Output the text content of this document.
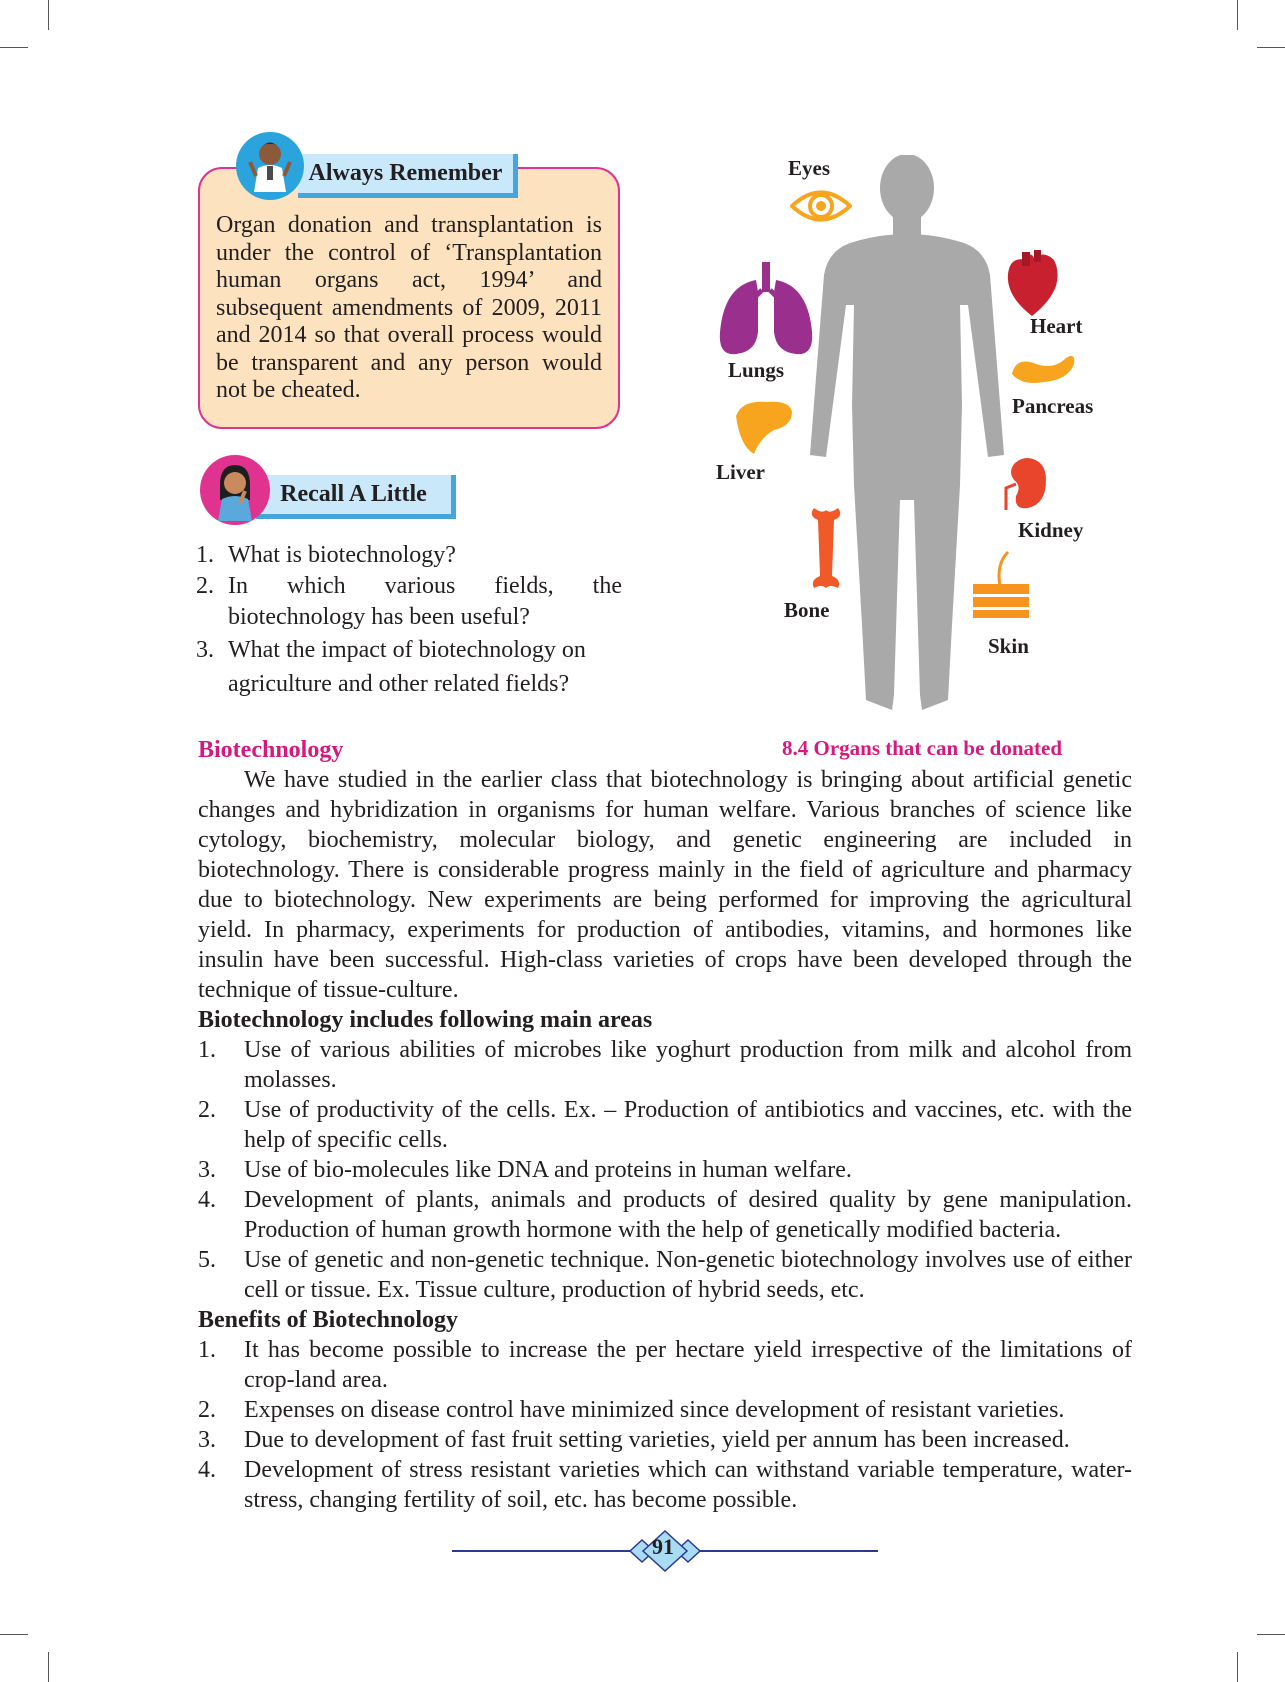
Always Remember
Organ donation and transplantation is under the control of ‘Transplantation human organs act, 1994’ and subsequent amendments of 2009, 2011 and 2014 so that overall process would be transparent and any person would not be cheated.
Recall A Little
1. What is biotechnology?
2. In which various fields, the biotechnology has been useful?
3. What the impact of biotechnology on agriculture and other related fields?
Eyes
Heart
Lungs
Pancreas
Liver
Kidney
Bone
Skin
8.4 Organs that can be donated
Biotechnology
We have studied in the earlier class that biotechnology is bringing about artificial genetic changes and hybridization in organisms for human welfare. Various branches of science like cytology, biochemistry, molecular biology, and genetic engineering are included in biotechnology. There is considerable progress mainly in the field of agriculture and pharmacy due to biotechnology. New experiments are being performed for improving the agricultural yield. In pharmacy, experiments for production of antibodies, vitamins, and hormones like insulin have been successful. High-class varieties of crops have been developed through the technique of tissue-culture.
Biotechnology includes following main areas
1. Use of various abilities of microbes like yoghurt production from milk and alcohol from molasses.
2. Use of productivity of the cells. Ex. – Production of antibiotics and vaccines, etc. with the help of specific cells.
3. Use of bio-molecules like DNA and proteins in human welfare.
4. Development of plants, animals and products of desired quality by gene manipulation. Production of human growth hormone with the help of genetically modified bacteria.
5. Use of genetic and non-genetic technique. Non-genetic biotechnology involves use of either cell or tissue. Ex. Tissue culture, production of hybrid seeds, etc.
Benefits of Biotechnology
1. It has become possible to increase the per hectare yield irrespective of the limitations of crop-land area.
2. Expenses on disease control have minimized since development of resistant varieties.
3. Due to development of fast fruit setting varieties, yield per annum has been increased.
4. Development of stress resistant varieties which can withstand variable temperature, water-stress, changing fertility of soil, etc. has become possible.
91
